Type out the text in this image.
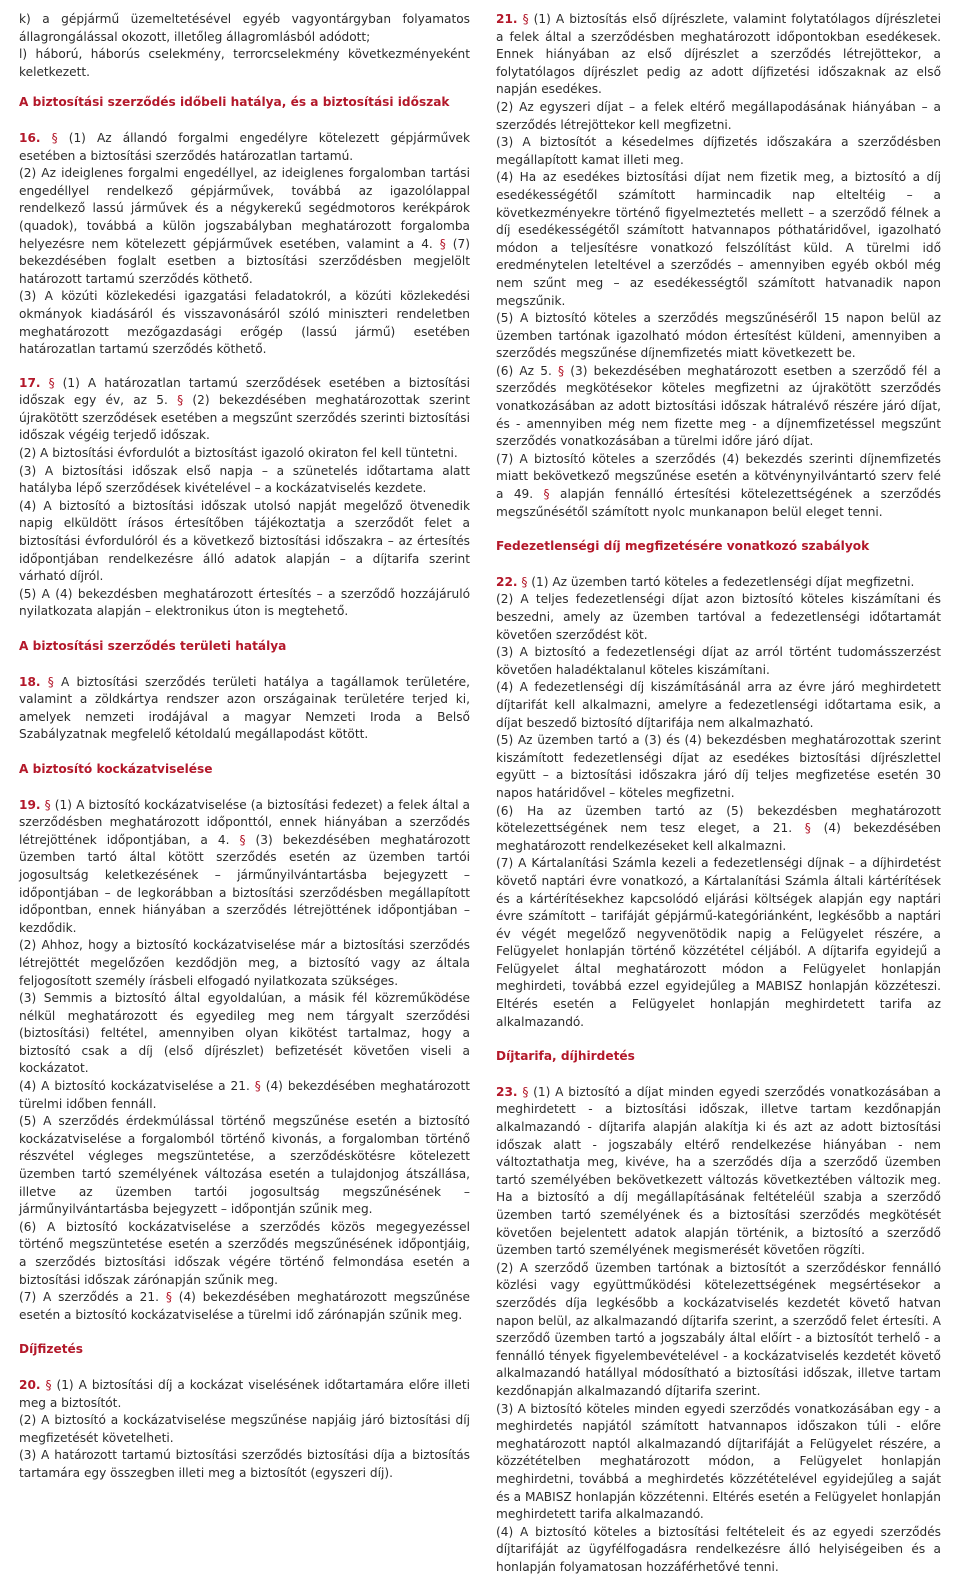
k) a gépjármű üzemeltetésével egyéb vagyontárgyban folyamatos állagrongálással okozott, illetőleg állagromlásból adódott;

l) háború, háborús cselekmény, terrorcselekmény következményeként keletkezett.

A biztosítási szerződés időbeli hatálya, és a biztosítási időszak

16. § (1) Az állandó forgalmi engedélyre kötelezett gépjárművek esetében a biztosítási szerződés határozatlan tartamú.

(2) Az ideiglenes forgalmi engedéllyel, az ideiglenes forgalomban tartási engedéllyel rendelkező gépjárművek, továbbá az igazolólappal rendelkező lassú járművek és a négykerekű segédmotoros kerékpárok (quadok), továbbá a külön jogszabályban meghatározott forgalomba helyezésre nem kötelezett gépjárművek esetében, valamint a 4. § (7) bekezdésében foglalt esetben a biztosítási szerződésben megjelölt határozott tartamú szerződés köthető.

(3) A közúti közlekedési igazgatási feladatokról, a közúti közlekedési okmányok kiadásáról és visszavonásáról szóló miniszteri rendeletben meghatározott mezőgazdasági erőgép (lassú jármű) esetében határozatlan tartamú szerződés köthető.

17. § (1) A határozatlan tartamú szerződések esetében a biztosítási időszak egy év, az 5. § (2) bekezdésében meghatározottak szerint újrakötött szerződések esetében a megszűnt szerződés szerinti biztosítási időszak végéig terjedő időszak.

(2) A biztosítási évfordulót a biztosítást igazoló okiraton fel kell tüntetni.

(3) A biztosítási időszak első napja – a szünetelés időtartama alatt hatályba lépő szerződések kivételével – a kockázatviselés kezdete.

(4) A biztosító a biztosítási időszak utolsó napját megelőző ötvenedik napig elküldött írásos értesítőben tájékoztatja a szerződőt felet a biztosítási évfordulóról és a következő biztosítási időszakra – az értesítés időpontjában rendelkezésre álló adatok alapján – a díjtarifa szerint várható díjról.

(5) A (4) bekezdésben meghatározott értesítés – a szerződő hozzájáruló nyilatkozata alapján – elektronikus úton is megtehető.

A biztosítási szerződés területi hatálya

18. § A biztosítási szerződés területi hatálya a tagállamok területére, valamint a zöldkártya rendszer azon országainak területére terjed ki, amelyek nemzeti irodájával a magyar Nemzeti Iroda a Belső Szabályzatnak megfelelő kétoldalú megállapodást kötött.

A biztosító kockázatviselése

19. § (1) A biztosító kockázatviselése (a biztosítási fedezet) a felek által a szerződésben meghatározott időponttól, ennek hiányában a szerződés létrejöttének időpontjában, a 4. § (3) bekezdésében meghatározott üzemben tartó által kötött szerződés esetén az üzemben tartói jogosultság keletkezésének – járműnyilvántartásba bejegyzett – időpontjában – de legkorábban a biztosítási szerződésben megállapított időpontban, ennek hiányában a szerződés létrejöttének időpontjában – kezdődik.

(2) Ahhoz, hogy a biztosító kockázatviselése már a biztosítási szerződés létrejöttét megelőzően kezdődjön meg, a biztosító vagy az általa feljogosított személy írásbeli elfogadó nyilatkozata szükséges.

(3) Semmis a biztosító által egyoldalúan, a másik fél közreműködése nélkül meghatározott és egyedileg meg nem tárgyalt szerződési (biztosítási) feltétel, amennyiben olyan kikötést tartalmaz, hogy a biztosító csak a díj (első díjrészlet) befizetését követően viseli a kockázatot.

(4) A biztosító kockázatviselése a 21. § (4) bekezdésében meghatározott türelmi időben fennáll.

(5) A szerződés érdekmúlással történő megszűnése esetén a biztosító kockázatviselése a forgalomból történő kivonás, a forgalomban történő részvétel végleges megszüntetése, a szerződéskötésre kötelezett üzemben tartó személyének változása esetén a tulajdonjog átszállása, illetve az üzemben tartói jogosultság megszűnésének – járműnyilvántartásba bejegyzett – időpontján szűnik meg.

(6) A biztosító kockázatviselése a szerződés közös megegyezéssel történő megszüntetése esetén a szerződés megszűnésének időpontjáig, a szerződés biztosítási időszak végére történő felmondása esetén a biztosítási időszak zárónapján szűnik meg.

(7) A szerződés a 21. § (4) bekezdésében meghatározott megszűnése esetén a biztosító kockázatviselése a türelmi idő zárónapján szűnik meg.

Díjfizetés

20. § (1) A biztosítási díj a kockázat viselésének időtartamára előre illeti meg a biztosítót.

(2) A biztosító a kockázatviselése megszűnése napjáig járó biztosítási díj megfizetését követelheti.

(3) A határozott tartamú biztosítási szerződés biztosítási díja a biztosítás tartamára egy összegben illeti meg a biztosítót (egyszeri díj).

21. § (1) A biztosítás első díjrészlete, valamint folytatólagos díjrészletei a felek által a szerződésben meghatározott időpontokban esedékesek. Ennek hiányában az első díjrészlet a szerződés létrejöttekor, a folytatólagos díjrészlet pedig az adott díjfizetési időszaknak az első napján esedékes.

(2) Az egyszeri díjat – a felek eltérő megállapodásának hiányában – a szerződés létrejöttekor kell megfizetni.

(3) A biztosítót a késedelmes díjfizetés időszakára a szerződésben megállapított kamat illeti meg.

(4) Ha az esedékes biztosítási díjat nem fizetik meg, a biztosító a díj esedékességétől számított harmincadik nap elteltéig – a következményekre történő figyelmeztetés mellett – a szerződő félnek a díj esedékességétől számított hatvannapos póthatáridővel, igazolható módon a teljesítésre vonatkozó felszólítást küld. A türelmi idő eredménytelen leteltével a szerződés – amennyiben egyéb okból még nem szűnt meg – az esedékességtől számított hatvanadik napon megszűnik.

(5) A biztosító köteles a szerződés megszűnéséről 15 napon belül az üzemben tartónak igazolható módon értesítést küldeni, amennyiben a szerződés megszűnése díjnemfizetés miatt következett be.

(6) Az 5. § (3) bekezdésében meghatározott esetben a szerződő fél a szerződés megkötésekor köteles megfizetni az újrakötött szerződés vonatkozásában az adott biztosítási időszak hátralévő részére járó díjat, és - amennyiben még nem fizette meg - a díjnemfizetéssel megszűnt szerződés vonatkozásában a türelmi időre járó díjat.

(7) A biztosító köteles a szerződés (4) bekezdés szerinti díjnemfizetés miatt bekövetkező megszűnése esetén a kötvénynyilvántartó szerv felé a 49. § alapján fennálló értesítési kötelezettségének a szerződés megszűnésétől számított nyolc munkanapon belül eleget tenni.

Fedezetlenségi díj megfizetésére vonatkozó szabályok

22. § (1) Az üzemben tartó köteles a fedezetlenségi díjat megfizetni.

(2) A teljes fedezetlenségi díjat azon biztosító köteles kiszámítani és beszedni, amely az üzemben tartóval a fedezetlenségi időtartamát követően szerződést köt.

(3) A biztosító a fedezetlenségi díjat az arról történt tudomásszerzést követően haladéktalanul köteles kiszámítani.

(4) A fedezetlenségi díj kiszámításánál arra az évre járó meghirdetett díjtarifát kell alkalmazni, amelyre a fedezetlenségi időtartama esik, a díjat beszedő biztosító díjtarifája nem alkalmazható.

(5) Az üzemben tartó a (3) és (4) bekezdésben meghatározottak szerint kiszámított fedezetlenségi díjat az esedékes biztosítási díjrészlettel együtt – a biztosítási időszakra járó díj teljes megfizetése esetén 30 napos határidővel – köteles megfizetni.

(6) Ha az üzemben tartó az (5) bekezdésben meghatározott kötelezettségének nem tesz eleget, a 21. § (4) bekezdésében meghatározott rendelkezéseket kell alkalmazni.

(7) A Kártalanítási Számla kezeli a fedezetlenségi díjnak – a díjhirdetést követő naptári évre vonatkozó, a Kártalanítási Számla általi kártérítések és a kártérítésekhez kapcsolódó eljárási költségek alapján egy naptári évre számított – tarifáját gépjármű-kategóriánként, legkésőbb a naptári év végét megelőző negyvenötödik napig a Felügyelet részére, a Felügyelet honlapján történő közzététel céljából. A díjtarifa egyidejű a Felügyelet által meghatározott módon a Felügyelet honlapján meghirdeti, továbbá ezzel egyidejűleg a MABISZ honlapján közzéteszi. Eltérés esetén a Felügyelet honlapján meghirdetett tarifa az alkalmazandó.

Díjtarifa, díjhirdetés

23. § (1) A biztosító a díjat minden egyedi szerződés vonatkozásában a meghirdetett - a biztosítási időszak, illetve tartam kezdőnapján alkalmazandó - díjtarifa alapján alakítja ki és azt az adott biztosítási időszak alatt - jogszabály eltérő rendelkezése hiányában - nem változtathatja meg, kivéve, ha a szerződés díja a szerződő üzemben tartó személyében bekövetkezett változás következtében változik meg. Ha a biztosító a díj megállapításának feltételéül szabja a szerződő üzemben tartó személyének és a biztosítási szerződés megkötését követően bejelentett adatok alapján történik, a biztosító a szerződő üzemben tartó személyének megismerését követően rögzíti.

(2) A szerződő üzemben tartónak a biztosítót a szerződéskor fennálló közlési vagy együttműködési kötelezettségének megsértésekor a szerződés díja legkésőbb a kockázatviselés kezdetét követő hatvan napon belül, az alkalmazandó díjtarifa szerint, a szerződő felet értesíti. A szerződő üzemben tartó a jogszabály által előírt - a biztosítót terhelő - a fennálló tények figyelembevételével - a kockázatviselés kezdetét követő alkalmazandó hatállyal módosítható a biztosítási időszak, illetve tartam kezdőnapján alkalmazandó díjtarifa szerint.

(3) A biztosító köteles minden egyedi szerződés vonatkozásában egy - a meghirdetés napjától számított hatvannapos időszakon túli - előre meghatározott naptól alkalmazandó díjtarifáját a Felügyelet részére, a közzétételben meghatározott módon, a Felügyelet honlapján meghirdetni, továbbá a meghirdetés közzétételével egyidejűleg a saját és a MABISZ honlapján közzétenni. Eltérés esetén a Felügyelet honlapján meghirdetett tarifa alkalmazandó.

(4) A biztosító köteles a biztosítási feltételeit és az egyedi szerződés díjtarifáját az ügyfélfogadásra rendelkezésre álló helyiségeiben és a honlapján folyamatosan hozzáférhetővé tenni.
